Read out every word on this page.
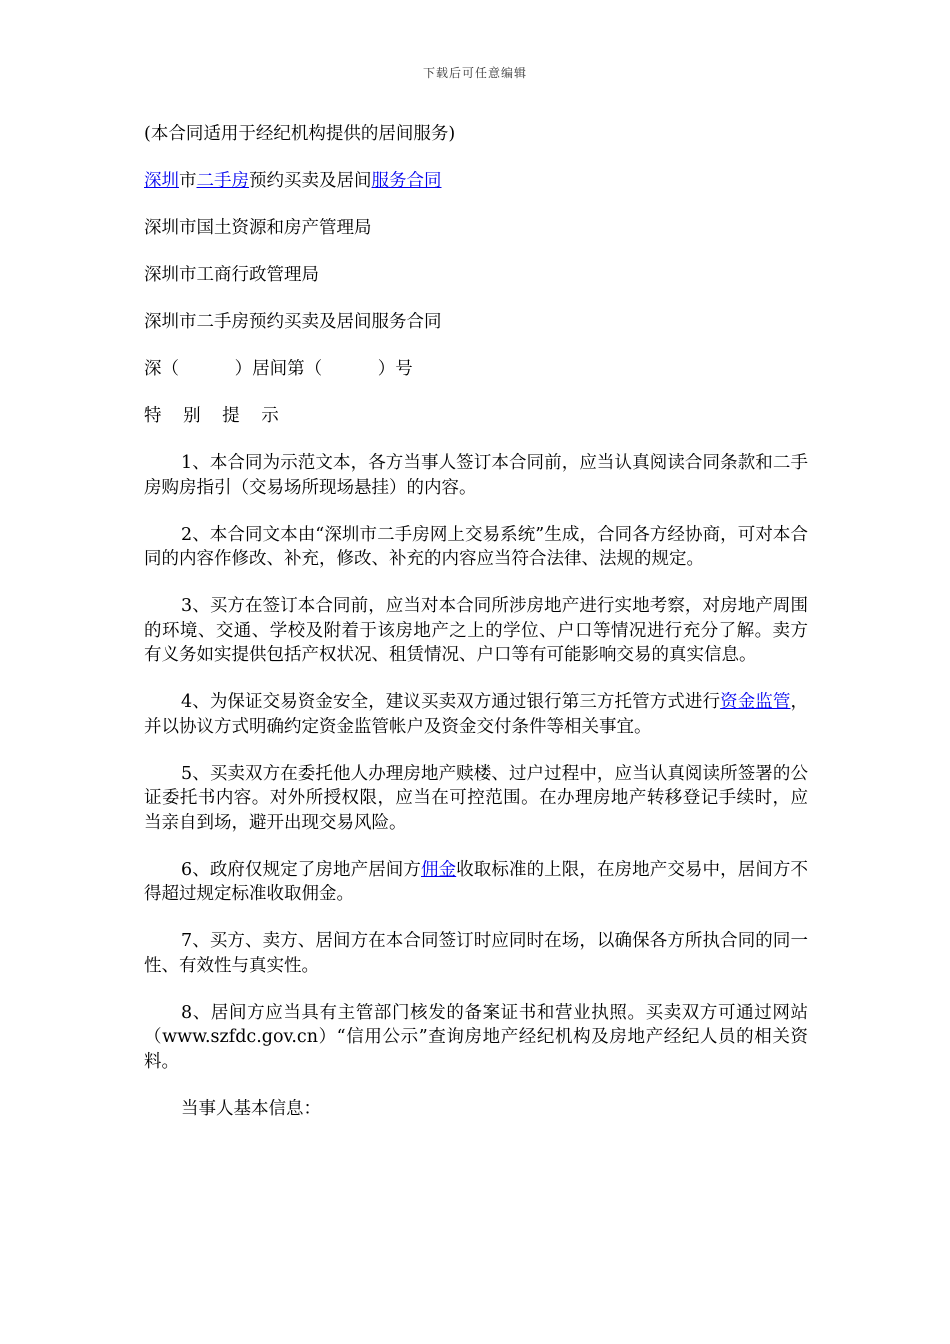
下载后可任意编辑
(本合同适用于经纪机构提供的居间服务)
深圳市二手房预约买卖及居间服务合同
深圳市国土资源和房产管理局
深圳市工商行政管理局
深圳市二手房预约买卖及居间服务合同
深（          ）居间第（          ）号
特 别 提 示
1、本合同为示范文本，各方当事人签订本合同前，应当认真阅读合同条款和二手房购房指引（交易场所现场悬挂）的内容。
2、本合同文本由“深圳市二手房网上交易系统”生成，合同各方经协商，可对本合同的内容作修改、补充，修改、补充的内容应当符合法律、法规的规定。
3、买方在签订本合同前，应当对本合同所涉房地产进行实地考察，对房地产周围的环境、交通、学校及附着于该房地产之上的学位、户口等情况进行充分了解。卖方有义务如实提供包括产权状况、租赁情况、户口等有可能影响交易的真实信息。
4、为保证交易资金安全，建议买卖双方通过银行第三方托管方式进行资金监管，并以协议方式明确约定资金监管帐户及资金交付条件等相关事宜。
5、买卖双方在委托他人办理房地产赎楼、过户过程中，应当认真阅读所签署的公证委托书内容。对外所授权限，应当在可控范围。在办理房地产转移登记手续时，应当亲自到场，避开出现交易风险。
6、政府仅规定了房地产居间方佣金收取标准的上限，在房地产交易中，居间方不得超过规定标准收取佣金。
7、买方、卖方、居间方在本合同签订时应同时在场，以确保各方所执合同的同一性、有效性与真实性。
8、居间方应当具有主管部门核发的备案证书和营业执照。买卖双方可通过网站（www.szfdc.gov.cn）“信用公示”查询房地产经纪机构及房地产经纪人员的相关资料。
当事人基本信息：
